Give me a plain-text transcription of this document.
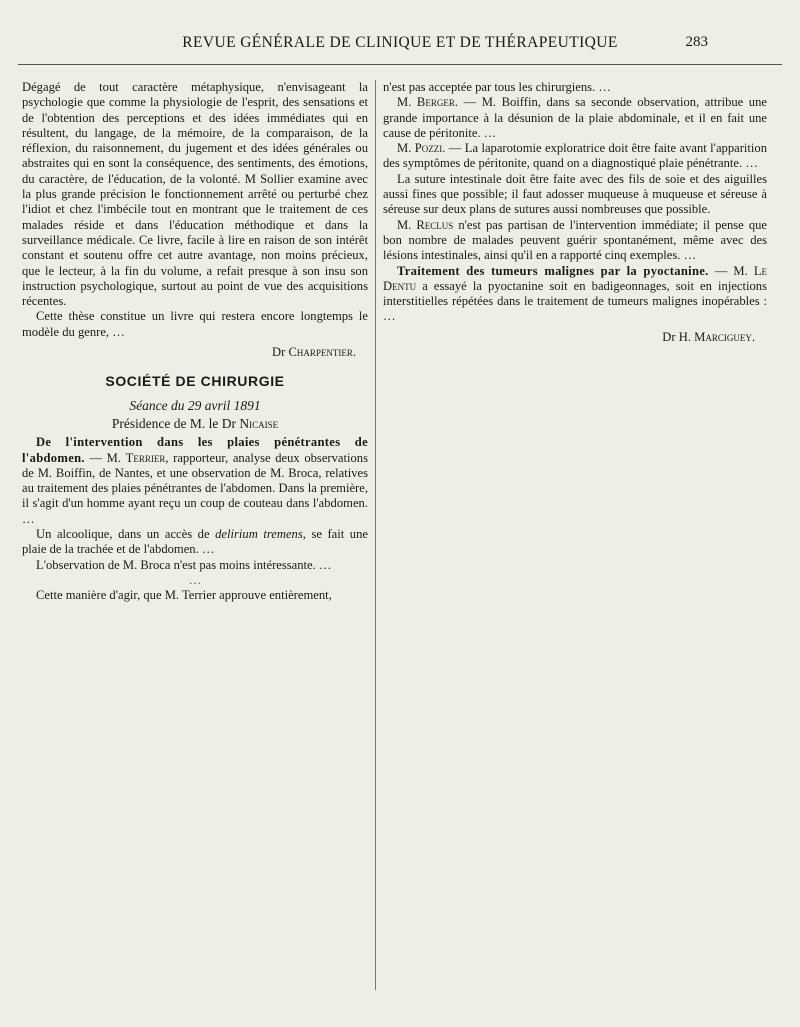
REVUE GÉNÉRALE DE CLINIQUE ET DE THÉRAPEUTIQUE	283

Dégagé de tout caractère métaphysique, n'envisageant la psychologie que comme la physiologie de l'esprit, des sensations et de l'obtention des perceptions et des idées immédiates qui en résultent, du langage, de la mémoire, de la comparaison, de la réflexion, du raisonnement, du jugement et des idées générales ou abstraites qui en sont la conséquence, des sentiments, des émotions, du caractère, de l'éducation, de la volonté. M Sollier examine avec la plus grande précision le fonctionnement arrêté ou perturbé chez l'idiot et chez l'imbécile tout en montrant que le traitement de ces malades réside et dans l'éducation méthodique et dans la surveillance médicale. Ce livre, facile à lire en raison de son intérêt constant et soutenu offre cet autre avantage, non moins précieux, que le lecteur, à la fin du volume, a refait presque à son insu son instruction psychologique, surtout au point de vue des acquisitions récentes.

Cette thèse constitue un livre qui restera encore longtemps le modèle du genre, …

Dr Charpentier.

SOCIÉTÉ DE CHIRURGIE

Séance du 29 avril 1891

Présidence de M. le Dr Nicaise

De l'intervention dans les plaies pénétrantes de l'abdomen. — M. Terrier, rapporteur, analyse deux observations de M. Boiffin, de Nantes, et une observation de M. Broca, relatives au traitement des plaies pénétrantes de l'abdomen. Dans la première, il s'agit d'un homme ayant reçu un coup de couteau dans l'abdomen. …

Un alcoolique, dans un accès de delirium tremens, se fait une plaie de la trachée et de l'abdomen. …

L'observation de M. Broca n'est pas moins intéressante. …

…

Cette manière d'agir, que M. Terrier approuve entièrement,

n'est pas acceptée par tous les chirurgiens. …

M. Berger. — M. Boiffin, dans sa seconde observation, attribue une grande importance à la désunion de la plaie abdominale, et il en fait une cause de péritonite. …

M. Pozzi. — La laparotomie exploratrice doit être faite avant l'apparition des symptômes de péritonite, quand on a diagnostiqué plaie pénétrante. …

La suture intestinale doit être faite avec des fils de soie et des aiguilles aussi fines que possible; il faut adosser muqueuse à muqueuse et séreuse à séreuse sur deux plans de sutures aussi nombreuses que possible.

M. Reclus n'est pas partisan de l'intervention immédiate; il pense que bon nombre de malades peuvent guérir spontanément, même avec des lésions intestinales, ainsi qu'il en a rapporté cinq exemples. …

Traitement des tumeurs malignes par la pyoctanine. — M. Le Dentu a essayé la pyoctanine soit en badigeonnages, soit en injections interstitielles répétées dans le traitement de tumeurs malignes inopérables : …

Dr H. Marciguey.
